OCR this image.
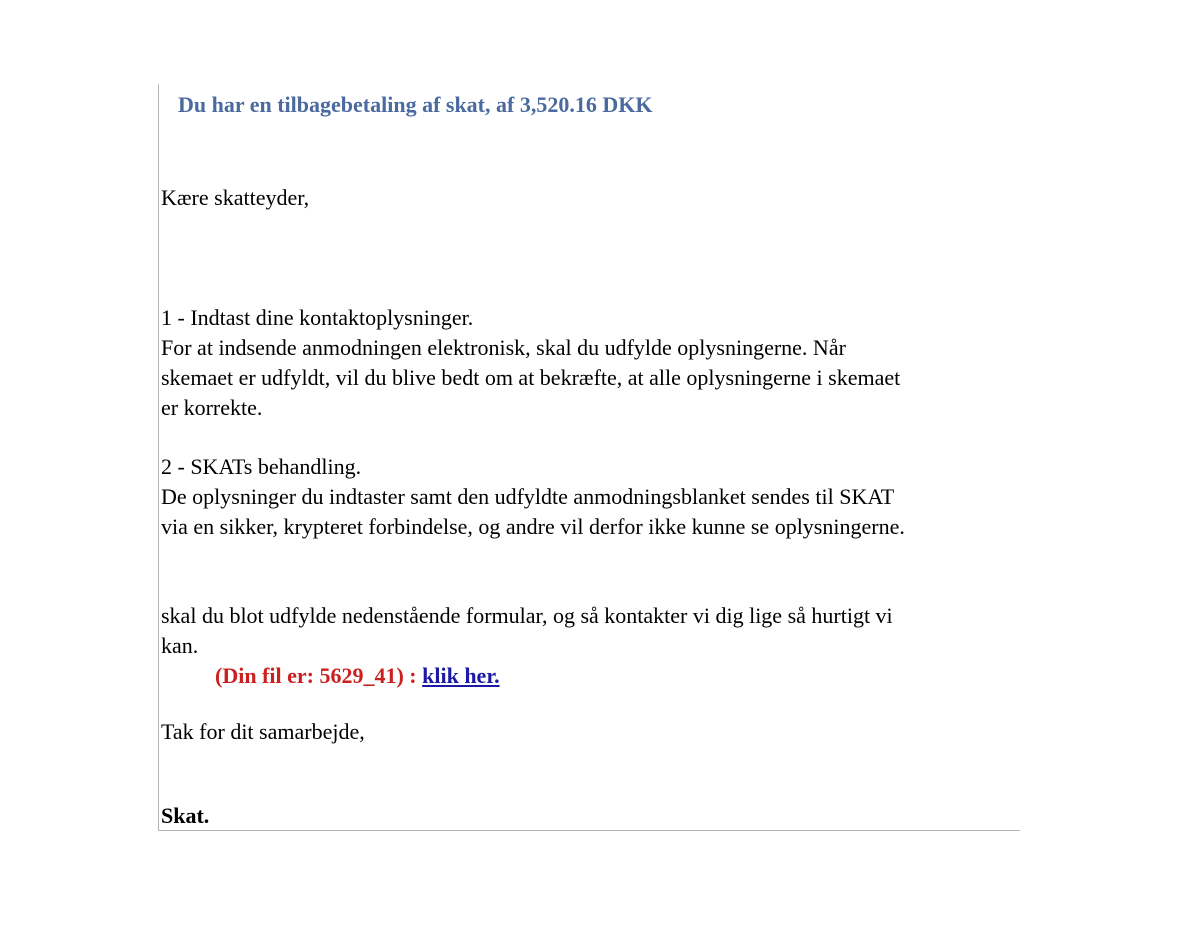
Du har en tilbagebetaling af skat, af 3,520.16 DKK
Kære skatteyder,
1 - Indtast dine kontaktoplysninger.
For at indsende anmodningen elektronisk, skal du udfylde oplysningerne. Når
skemaet er udfyldt, vil du blive bedt om at bekræfte, at alle oplysningerne i skemaet
er korrekte.
2 - SKATs behandling.
De oplysninger du indtaster samt den udfyldte anmodningsblanket sendes til SKAT
via en sikker, krypteret forbindelse, og andre vil derfor ikke kunne se oplysningerne.
skal du blot udfylde nedenstående formular, og så kontakter vi dig lige så hurtigt vi
kan.
(Din fil er: 5629_41) : klik her.
Tak for dit samarbejde,
Skat.
